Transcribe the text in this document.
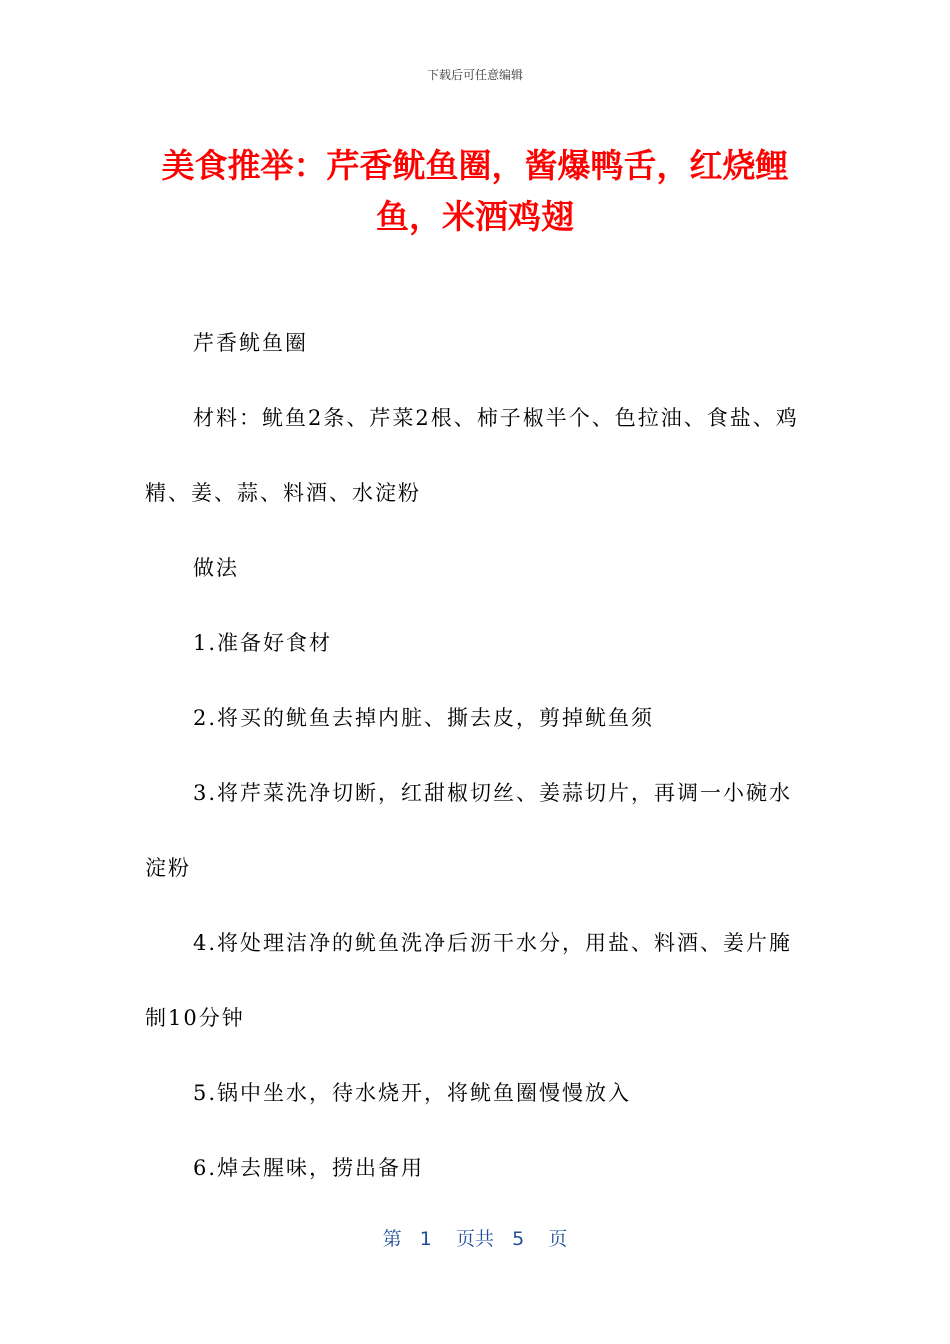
下载后可任意编辑
美食推举：芹香鱿鱼圈，酱爆鸭舌，红烧鲤鱼，米酒鸡翅

芹香鱿鱼圈

材料：鱿鱼2条、芹菜2根、柿子椒半个、色拉油、食盐、鸡精、姜、蒜、料酒、水淀粉

做法

1.准备好食材

2.将买的鱿鱼去掉内脏、撕去皮，剪掉鱿鱼须

3.将芹菜洗净切断，红甜椒切丝、姜蒜切片，再调一小碗水淀粉

4.将处理洁净的鱿鱼洗净后沥干水分，用盐、料酒、姜片腌制10分钟

5.锅中坐水，待水烧开，将鱿鱼圈慢慢放入

6.焯去腥味，捞出备用

第 1 页共 5 页
